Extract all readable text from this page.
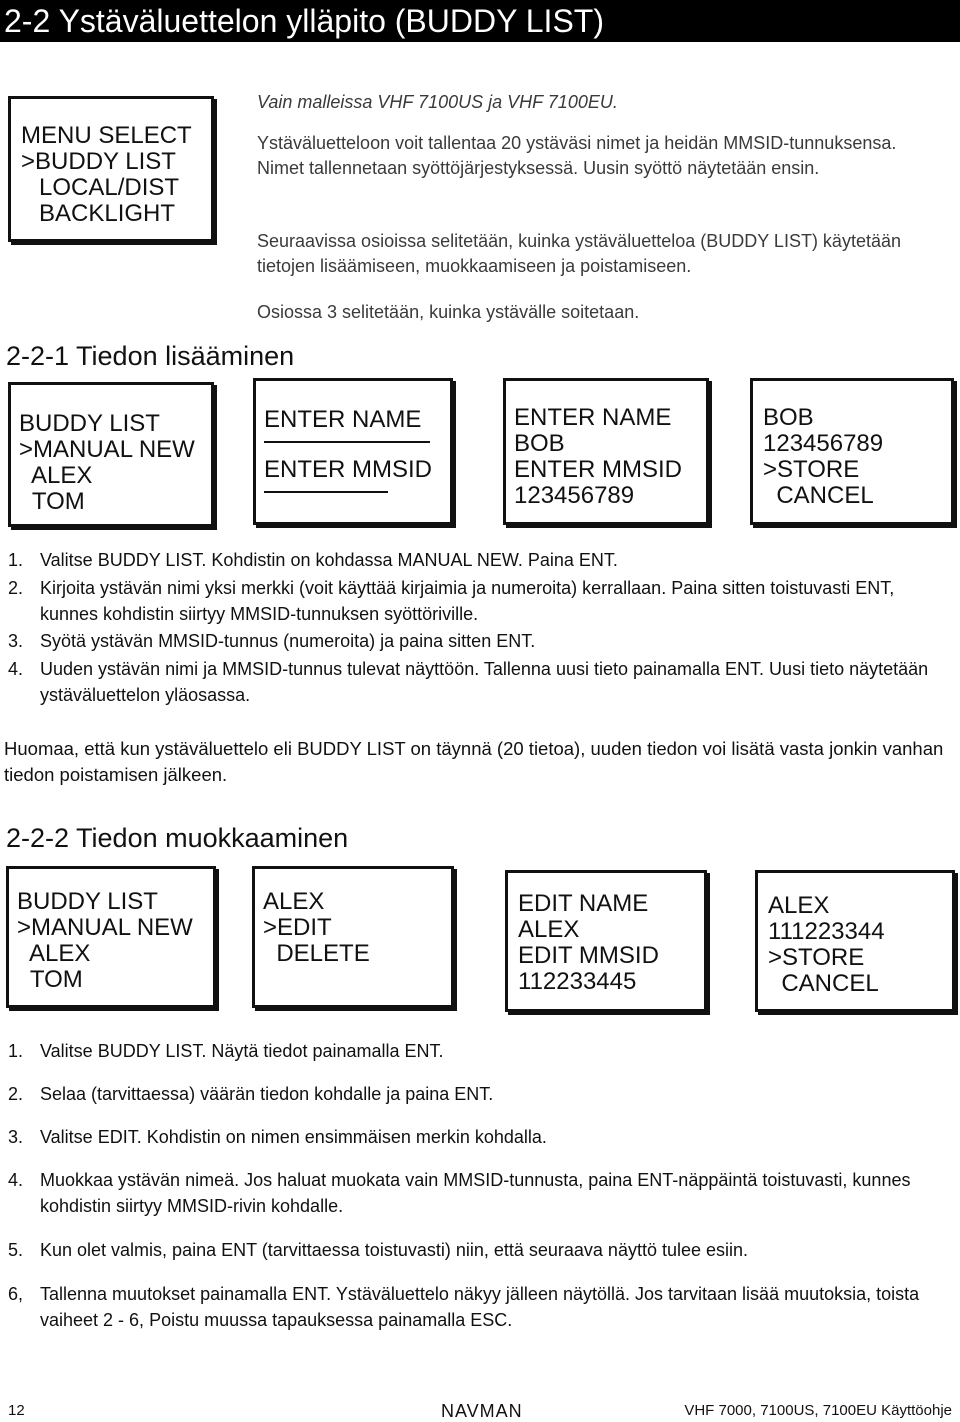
2-2 Ystäväluettelon ylläpito (BUDDY LIST)
MENU SELECT
>BUDDY LIST
LOCAL/DIST
BACKLIGHT
Vain malleissa VHF 7100US ja VHF 7100EU.
Ystäväluetteloon voit tallentaa 20 ystäväsi nimet ja heidän MMSID-tunnuksensa. Nimet tallennetaan syöttöjärjestyksessä. Uusin syöttö näytetään ensin.
Seuraavissa osioissa selitetään, kuinka ystäväluetteloa (BUDDY LIST) käytetään tietojen lisäämiseen, muokkaamiseen ja poistamiseen.
Osiossa 3 selitetään, kuinka ystävälle soitetaan.
2-2-1 Tiedon lisääminen
BUDDY LIST
>MANUAL NEW
ALEX
TOM
ENTER NAME
ENTER MMSID
ENTER NAME
BOB
ENTER MMSID
123456789
BOB
123456789
>STORE
CANCEL
1. Valitse BUDDY LIST. Kohdistin on kohdassa MANUAL NEW. Paina ENT.
2. Kirjoita ystävän nimi yksi merkki (voit käyttää kirjaimia ja numeroita) kerrallaan. Paina sitten toistuvasti ENT, kunnes kohdistin siirtyy MMSID-tunnuksen syöttöriville.
3. Syötä ystävän MMSID-tunnus (numeroita) ja paina sitten ENT.
4. Uuden ystävän nimi ja MMSID-tunnus tulevat näyttöön. Tallenna uusi tieto painamalla ENT. Uusi tieto näytetään ystäväluettelon yläosassa.
Huomaa, että kun ystäväluettelo eli BUDDY LIST on täynnä (20 tietoa), uuden tiedon voi lisätä vasta jonkin vanhan tiedon poistamisen jälkeen.
2-2-2 Tiedon muokkaaminen
BUDDY LIST
>MANUAL NEW
ALEX
TOM
ALEX
>EDIT
DELETE
EDIT NAME
ALEX
EDIT MMSID
112233445
ALEX
111223344
>STORE
CANCEL
1. Valitse BUDDY LIST. Näytä tiedot painamalla ENT.
2. Selaa (tarvittaessa) väärän tiedon kohdalle ja paina ENT.
3. Valitse EDIT. Kohdistin on nimen ensimmäisen merkin kohdalla.
4. Muokkaa ystävän nimeä. Jos haluat muokata vain MMSID-tunnusta, paina ENT-näppäintä toistuvasti, kunnes kohdistin siirtyy MMSID-rivin kohdalle.
5. Kun olet valmis, paina ENT (tarvittaessa toistuvasti) niin, että seuraava näyttö tulee esiin.
6, Tallenna muutokset painamalla ENT. Ystäväluettelo näkyy jälleen näytöllä. Jos tarvitaan lisää muutoksia, toista vaiheet 2 - 6, Poistu muussa tapauksessa painamalla ESC.
12	NAVMAN	VHF 7000, 7100US, 7100EU Käyttöohje
